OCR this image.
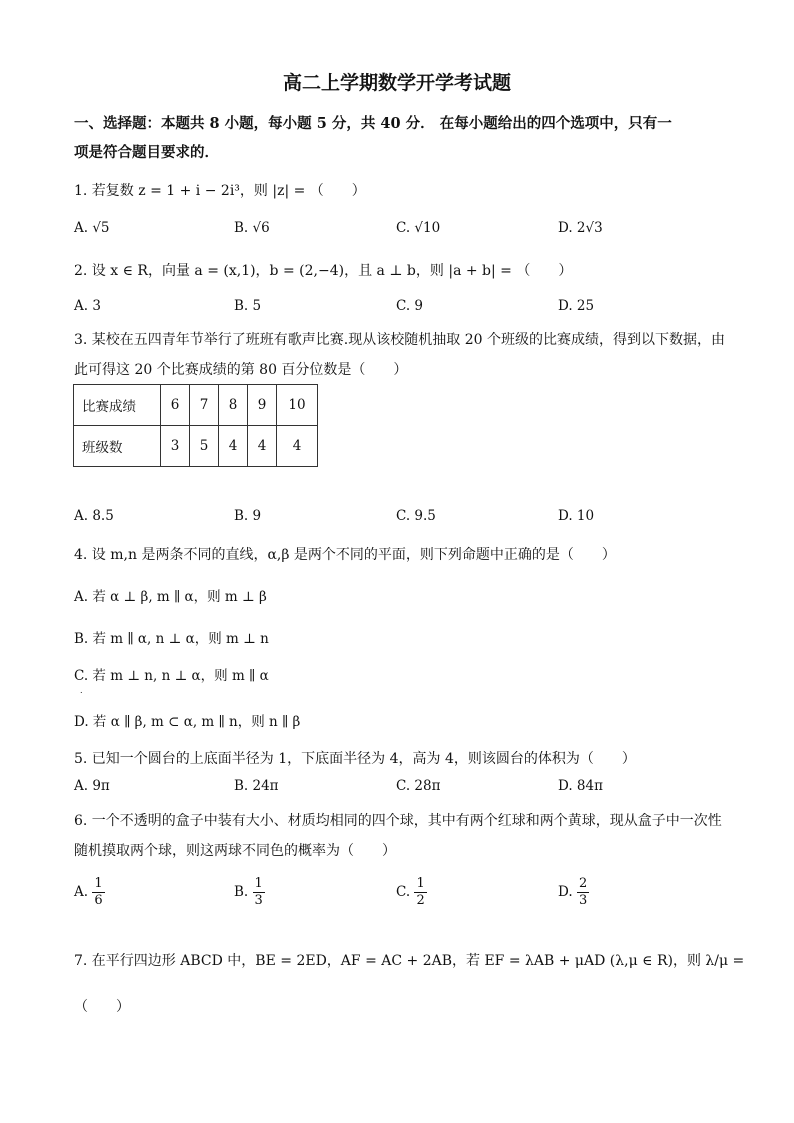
高二上学期数学开学考试题
一、选择题：本题共 8 小题，每小题 5 分，共 40 分． 在每小题给出的四个选项中，只有一
项是符合题目要求的．
1. 若复数 z = 1 + i − 2i³，则 |z| = （　　）
A. √5	B. √6	C. √10	D. 2√3
2. 设 x ∈ R，向量 a = (x,1)，b = (2,−4)，且 a ⊥ b，则 |a + b| = （　　）
A. 3	B. 5	C. 9	D. 25
3. 某校在五四青年节举行了班班有歌声比赛.现从该校随机抽取 20 个班级的比赛成绩，得到以下数据，由
此可得这 20 个比赛成绩的第 80 百分位数是（　　）
比赛成绩	6	7	8	9	10
班级数	3	5	4	4	4
A. 8.5	B. 9	C. 9.5	D. 10
4. 设 m,n 是两条不同的直线，α,β 是两个不同的平面，则下列命题中正确的是（　　）
A. 若 α ⊥ β, m ∥ α，则 m ⊥ β
B. 若 m ∥ α, n ⊥ α，则 m ⊥ n
C. 若 m ⊥ n, n ⊥ α，则 m ∥ α
.
D. 若 α ∥ β, m ⊂ α, m ∥ n，则 n ∥ β
5. 已知一个圆台的上底面半径为 1，下底面半径为 4，高为 4，则该圆台的体积为（　　）
A. 9π	B. 24π	C. 28π	D. 84π
6. 一个不透明的盒子中装有大小、材质均相同的四个球，其中有两个红球和两个黄球，现从盒子中一次性
随机摸取两个球，则这两球不同色的概率为（　　）
A. $\frac{1}{6}$	B. $\frac{1}{3}$	C. $\frac{1}{2}$	D. $\frac{2}{3}$
7. 在平行四边形 ABCD 中，BE = 2ED，AF = AC + 2AB，若 EF = λAB + μAD (λ,μ ∈ R)，则 λ/μ =
（　　）
